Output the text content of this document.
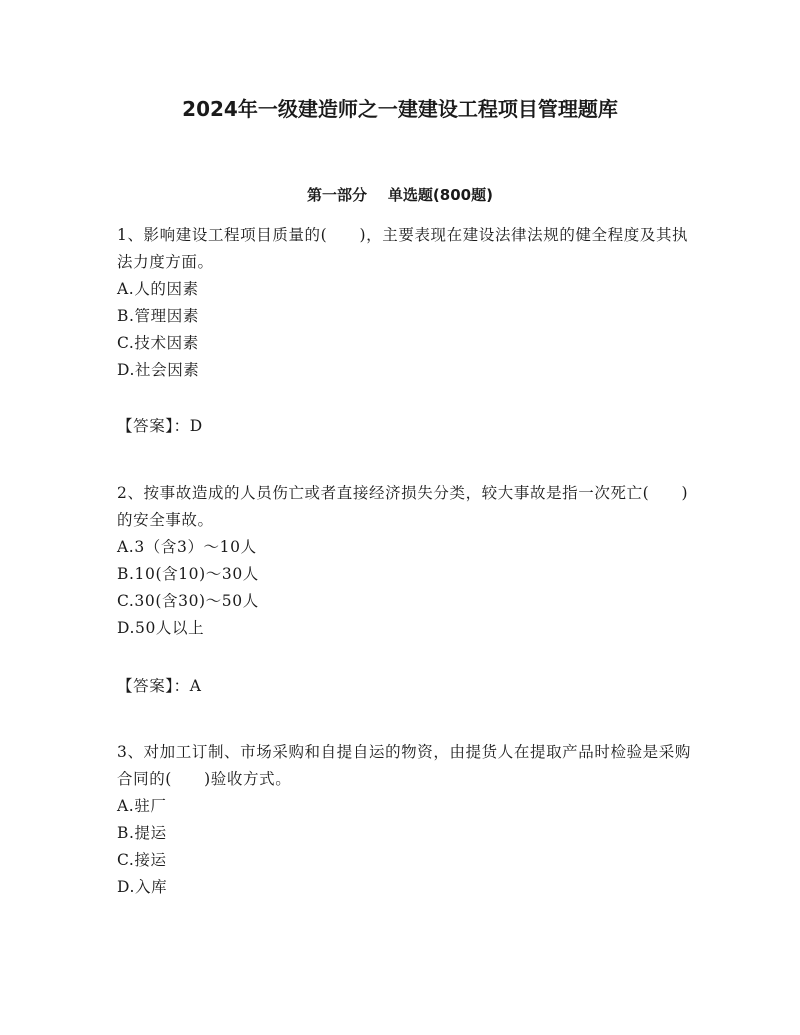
2024年一级建造师之一建建设工程项目管理题库
第一部分    单选题(800题)

1、影响建设工程项目质量的(　　)，主要表现在建设法律法规的健全程度及其执法力度方面。

A.人的因素
B.管理因素
C.技术因素
D.社会因素
【答案】：D

2、按事故造成的人员伤亡或者直接经济损失分类，较大事故是指一次死亡(　　)的安全事故。

A.3（含3）～10人
B.10(含10)～30人
C.30(含30)～50人
D.50人以上
【答案】：A

3、对加工订制、市场采购和自提自运的物资，由提货人在提取产品时检验是采购合同的(　　)验收方式。

A.驻厂
B.提运
C.接运
D.入库
